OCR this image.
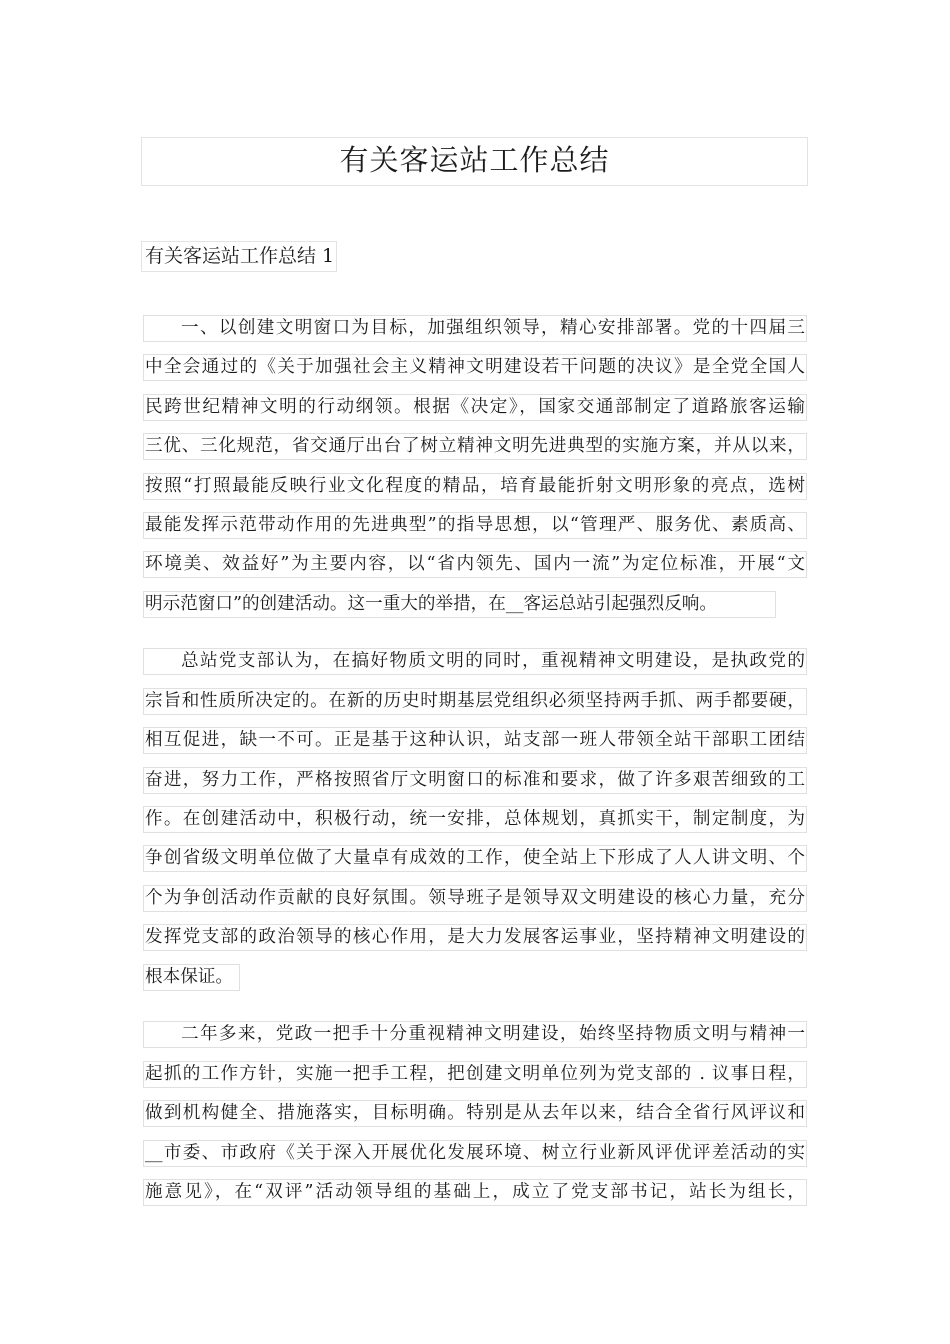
有关客运站工作总结
有关客运站工作总结 1
一、以创建文明窗口为目标，加强组织领导，精心安排部署。党的十四届三
中全会通过的《关于加强社会主义精神文明建设若干问题的决议》是全党全国人
民跨世纪精神文明的行动纲领。根据《决定》，国家交通部制定了道路旅客运输
三优、三化规范，省交通厅出台了树立精神文明先进典型的实施方案，并从以来，
按照“打照最能反映行业文化程度的精品，培育最能折射文明形象的亮点，选树
最能发挥示范带动作用的先进典型”的指导思想，以“管理严、服务优、素质高、
环境美、效益好”为主要内容，以“省内领先、国内一流”为定位标准，开展“文
明示范窗口”的创建活动。这一重大的举措，在__客运总站引起强烈反响。
总站党支部认为，在搞好物质文明的同时，重视精神文明建设，是执政党的
宗旨和性质所决定的。在新的历史时期基层党组织必须坚持两手抓、两手都要硬，
相互促进，缺一不可。正是基于这种认识，站支部一班人带领全站干部职工团结
奋进，努力工作，严格按照省厅文明窗口的标准和要求，做了许多艰苦细致的工
作。在创建活动中，积极行动，统一安排，总体规划，真抓实干，制定制度，为
争创省级文明单位做了大量卓有成效的工作，使全站上下形成了人人讲文明、个
个为争创活动作贡献的良好氛围。领导班子是领导双文明建设的核心力量，充分
发挥党支部的政治领导的核心作用，是大力发展客运事业，坚持精神文明建设的
根本保证。
二年多来，党政一把手十分重视精神文明建设，始终坚持物质文明与精神一
起抓的工作方针，实施一把手工程，把创建文明单位列为党支部的 . 议事日程，
做到机构健全、措施落实，目标明确。特别是从去年以来，结合全省行风评议和
__市委、市政府《关于深入开展优化发展环境、树立行业新风评优评差活动的实
施意见》，在“双评”活动领导组的基础上，成立了党支部书记，站长为组长，
